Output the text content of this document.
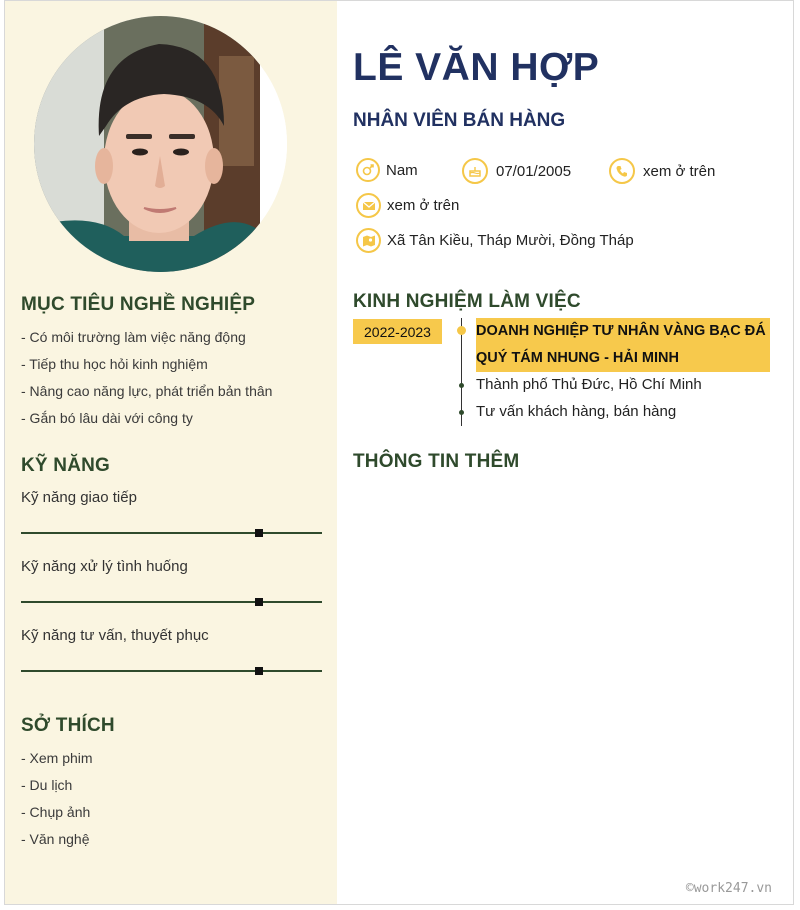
MỤC TIÊU NGHỀ NGHIỆP
- Có môi trường làm việc năng động
- Tiếp thu học hỏi kinh nghiệm
- Nâng cao năng lực, phát triển bản thân
- Gắn bó lâu dài với công ty
KỸ NĂNG
Kỹ năng giao tiếp
Kỹ năng xử lý tình huống
Kỹ năng tư vấn, thuyết phục
SỞ THÍCH
- Xem phim
- Du lịch
- Chụp ảnh
- Văn nghệ
LÊ VĂN HỢP
NHÂN VIÊN BÁN HÀNG
Nam	07/01/2005	xem ở trên
xem ở trên
Xã Tân Kiều, Tháp Mười, Đồng Tháp
KINH NGHIỆM LÀM VIỆC
2022-2023	DOANH NGHIỆP TƯ NHÂN VÀNG BẠC ĐÁ
QUÝ TÁM NHUNG - HẢI MINH
Thành phố Thủ Đức, Hồ Chí Minh
Tư vấn khách hàng, bán hàng
THÔNG TIN THÊM
©work247.vn
